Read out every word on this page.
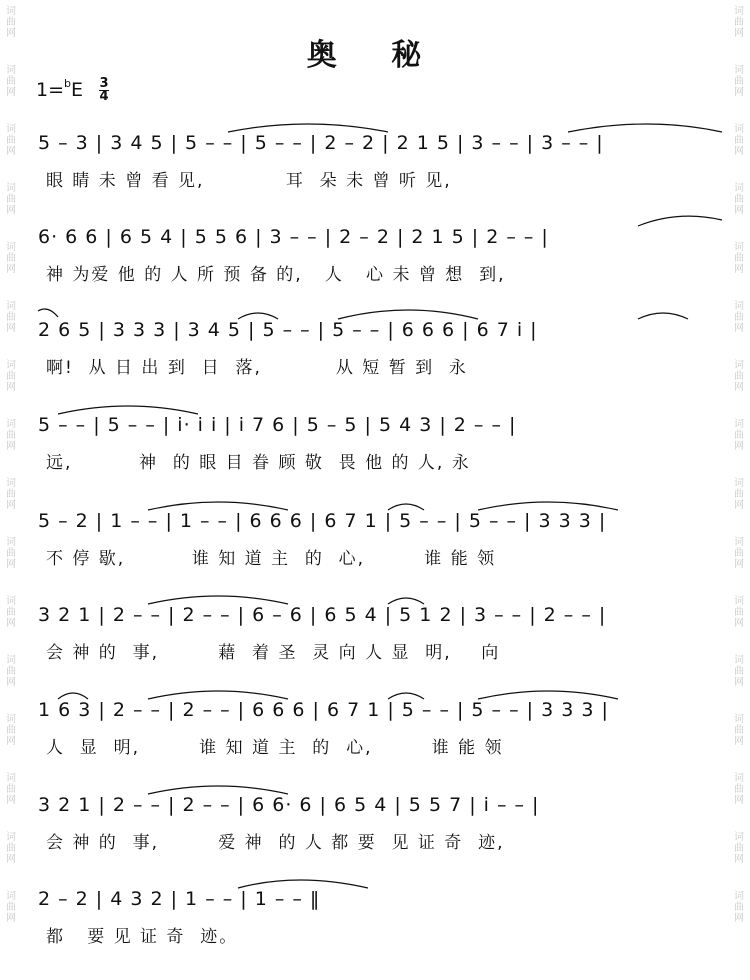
词曲网
词曲网
词曲网
词曲网
词曲网
词曲网
词曲网
词曲网
词曲网
词曲网
词曲网
词曲网
词曲网
词曲网
词曲网
词曲网
词曲网
词曲网
词曲网
词曲网
词曲网
词曲网
词曲网
词曲网
词曲网
词曲网
词曲网
词曲网
词曲网
词曲网
词曲网
词曲网
奥 秘
$1=^bE \frac{3}{4}$
5 – 3 | 3 4 5 | 5 – – | 5 – – | 2 – 2 | 2 1 5 | 3 – – | 3 – – |
眼 睛 未 曾 看 见,           耳  朵 未 曾 听 见,
6· 6 6 | 6 5 4 | 5 5 6 | 3 – – | 2 – 2 | 2 1 5 | 2 – – |
神 为爱 他 的 人 所 预 备 的,   人   心 未 曾 想  到,
2 6 5 | 3 3 3 | 3 4 5 | 5 – – | 5 – – | 6 6 6 | 6 7 i |
啊!  从 日 出 到  日  落,          从 短 暂 到  永
5 – – | 5 – – | i· i i | i 7 6 | 5 – 5 | 5 4 3 | 2 – – |
远,         神  的 眼 目 眷 顾 敬  畏 他 的 人, 永
5 – 2 | 1 – – | 1 – – | 6 6 6 | 6 7 1 | 5 – – | 5 – – | 3 3 3 |
不 停 歇,         谁 知 道 主  的  心,        谁 能 领
3 2 1 | 2 – – | 2 – – | 6 – 6 | 6 5 4 | 5 1 2 | 3 – – | 2 – – |
会 神 的  事,        藉  着 圣  灵 向 人 显  明,    向
1 6 3 | 2 – – | 2 – – | 6 6 6 | 6 7 1 | 5 – – | 5 – – | 3 3 3 |
人  显  明,        谁 知 道 主  的  心,        谁 能 领
3 2 1 | 2 – – | 2 – – | 6 6· 6 | 6 5 4 | 5 5 7 | i – – |
会 神 的  事,        爱 神  的 人 都 要  见 证 奇  迹,
2 – 2 | 4 3 2 | 1 – – | 1 – – ‖
都   要 见 证 奇  迹。
